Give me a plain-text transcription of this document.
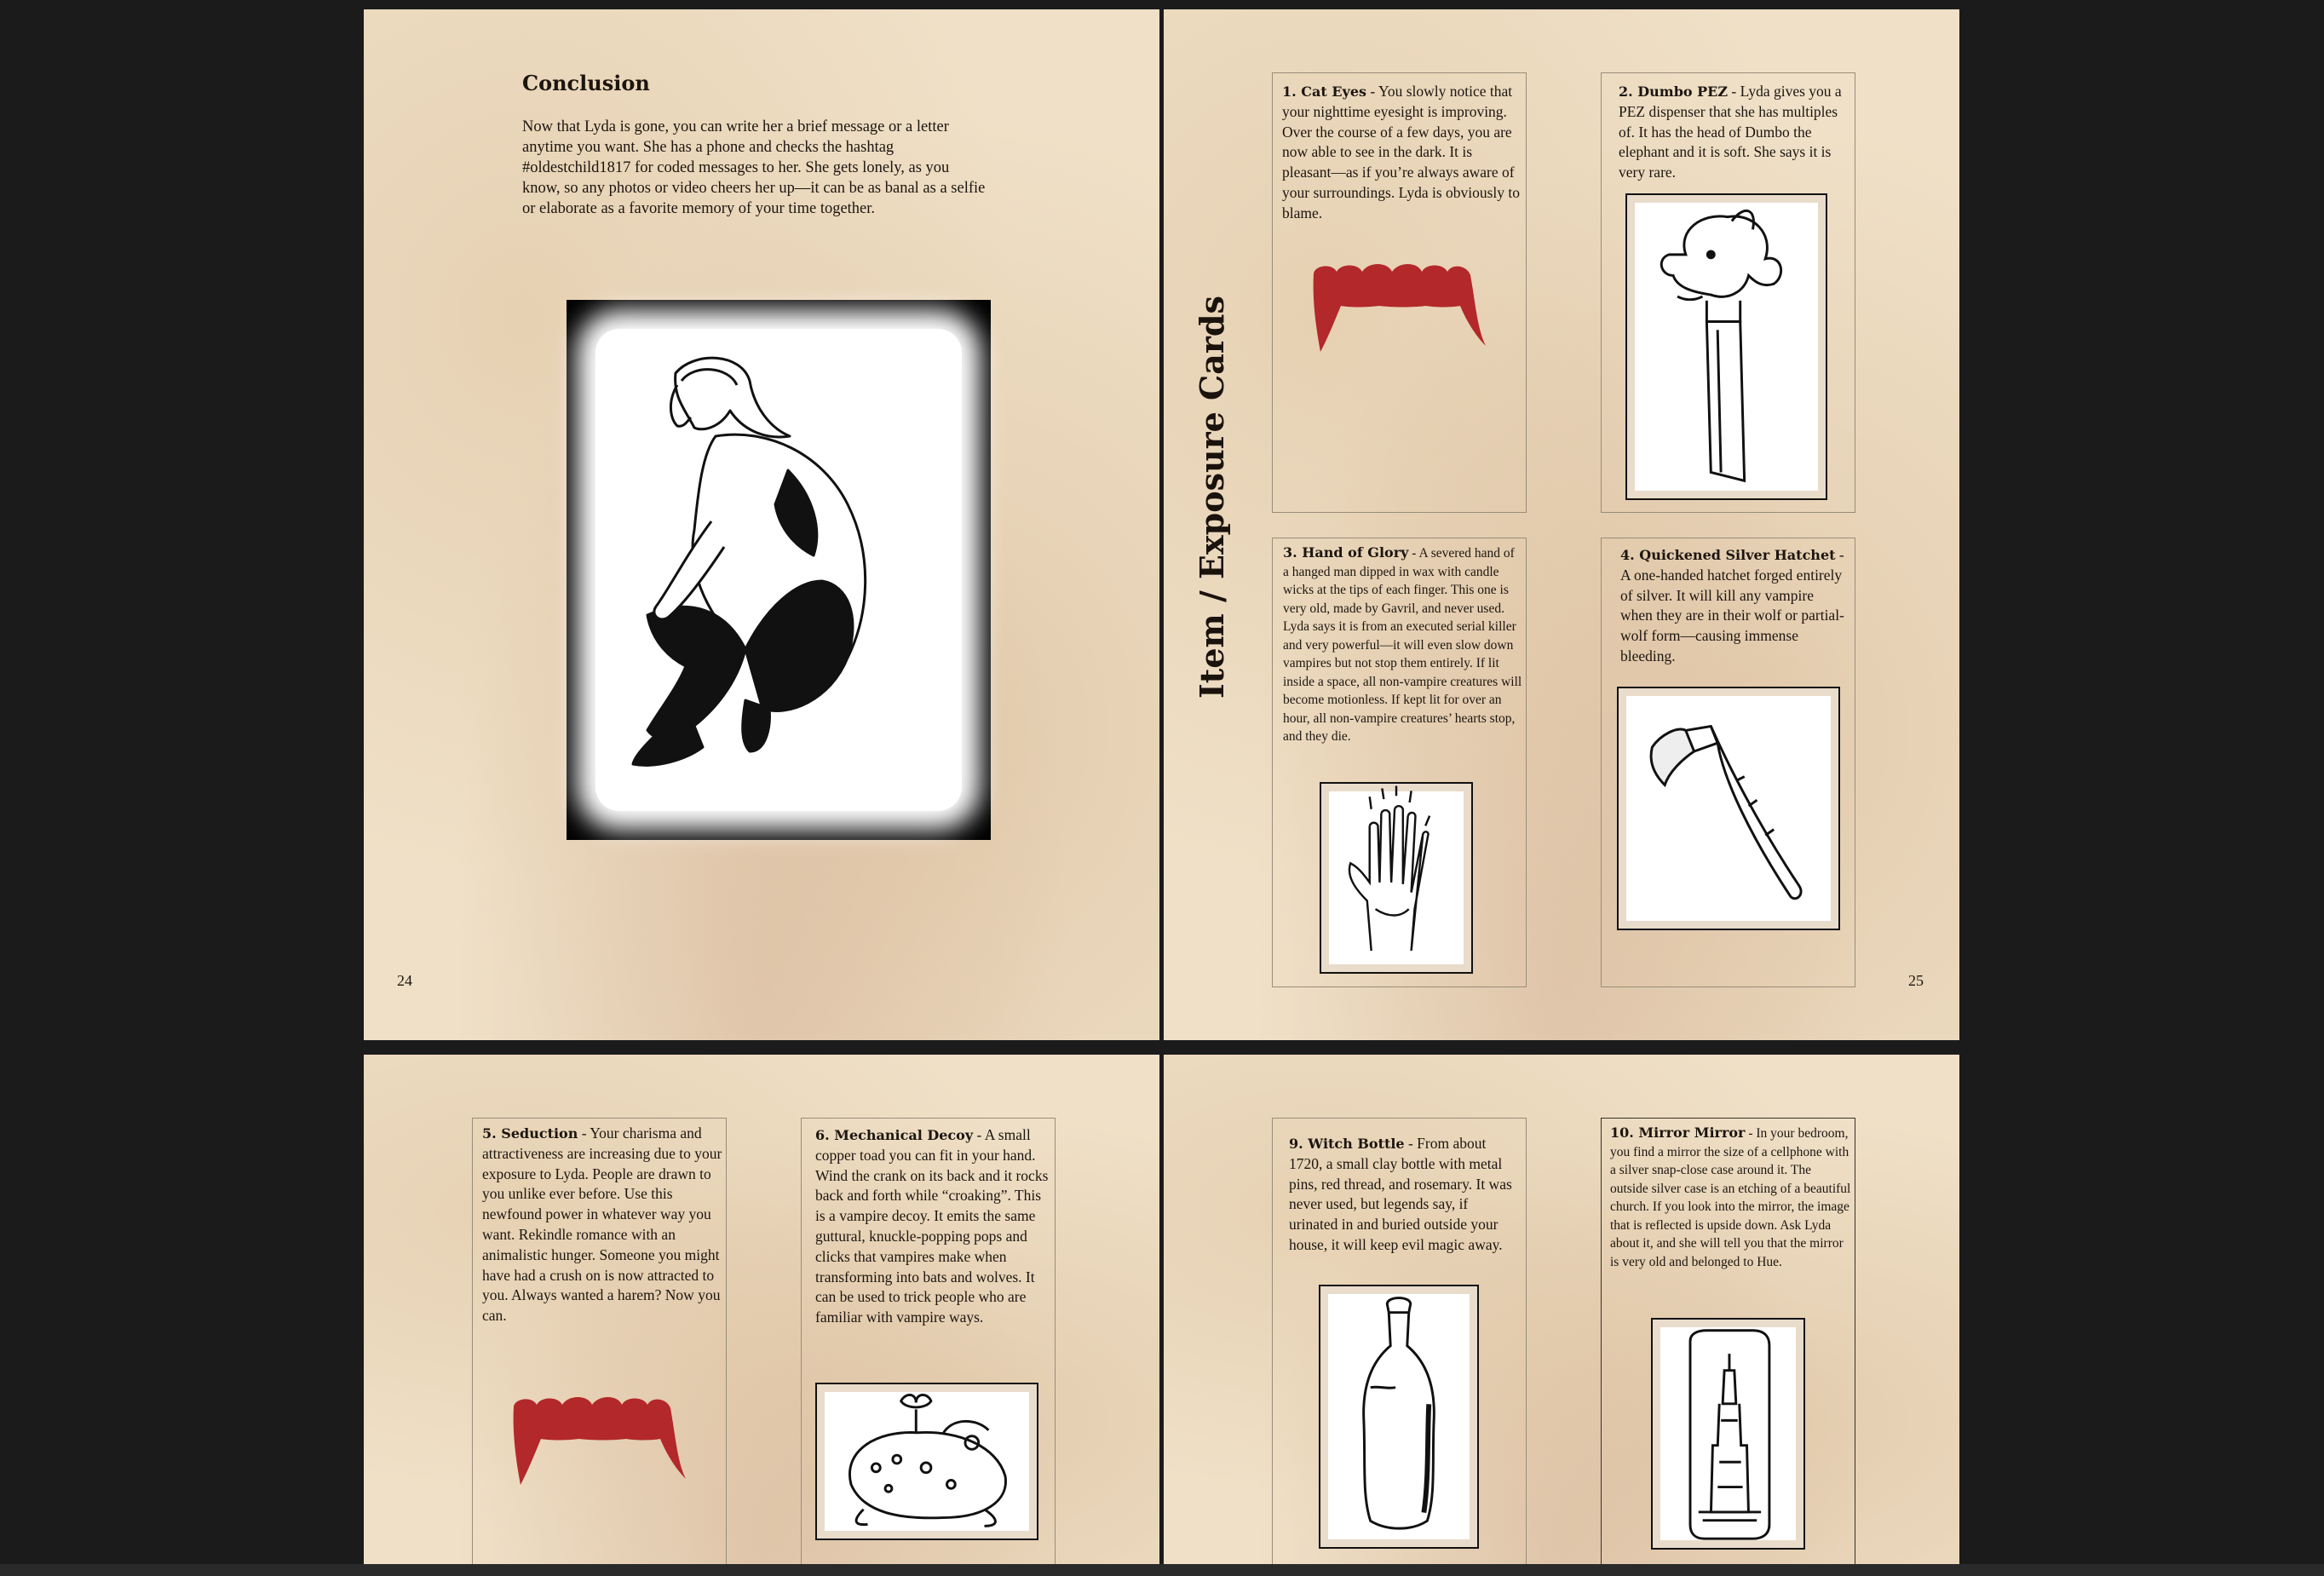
Conclusion
Now that Lyda is gone, you can write her a brief message or a letter anytime you want. She has a phone and checks the hashtag #oldestchild1817 for coded messages to her. She gets lonely, as you know, so any photos or video cheers her up—it can be as banal as a selfie or elaborate as a favorite memory of your time together.
24
1. Cat Eyes - You slowly notice that your nighttime eyesight is improving. Over the course of a few days, you are now able to see in the dark. It is pleasant—as if you’re always aware of your surroundings. Lyda is obviously to blame.
2. Dumbo PEZ - Lyda gives you a PEZ dispenser that she has multiples of. It has the head of Dumbo the elephant and it is soft. She says it is very rare.
3. Hand of Glory - A severed hand of a hanged man dipped in wax with candle wicks at the tips of each finger. This one is very old, made by Gavril, and never used. Lyda says it is from an executed serial killer and very powerful—it will even slow down vampires but not stop them entirely. If lit inside a space, all non-vampire creatures will become motionless. If kept lit for over an hour, all non-vampire creatures’ hearts stop, and they die.
4. Quickened Silver Hatchet - A one-handed hatchet forged entirely of silver. It will kill any vampire when they are in their wolf or partial-wolf form—causing immense bleeding.
25
Item / Exposure Cards
5. Seduction - Your charisma and attractiveness are increasing due to your exposure to Lyda. People are drawn to you unlike ever before. Use this newfound power in whatever way you want. Rekindle romance with an animalistic hunger. Someone you might have had a crush on is now attracted to you. Always wanted a harem? Now you can.
6. Mechanical Decoy - A small copper toad you can fit in your hand. Wind the crank on its back and it rocks back and forth while “croaking”. This is a vampire decoy. It emits the same guttural, knuckle-popping pops and clicks that vampires make when transforming into bats and wolves. It can be used to trick people who are familiar with vampire ways.
9. Witch Bottle - From about 1720, a small clay bottle with metal pins, red thread, and rosemary. It was never used, but legends say, if urinated in and buried outside your house, it will keep evil magic away.
10. Mirror Mirror - In your bedroom, you find a mirror the size of a cellphone with a silver snap-close case around it. The outside silver case is an etching of a beautiful church. If you look into the mirror, the image that is reflected is upside down. Ask Lyda about it, and she will tell you that the mirror is very old and belonged to Hue.
